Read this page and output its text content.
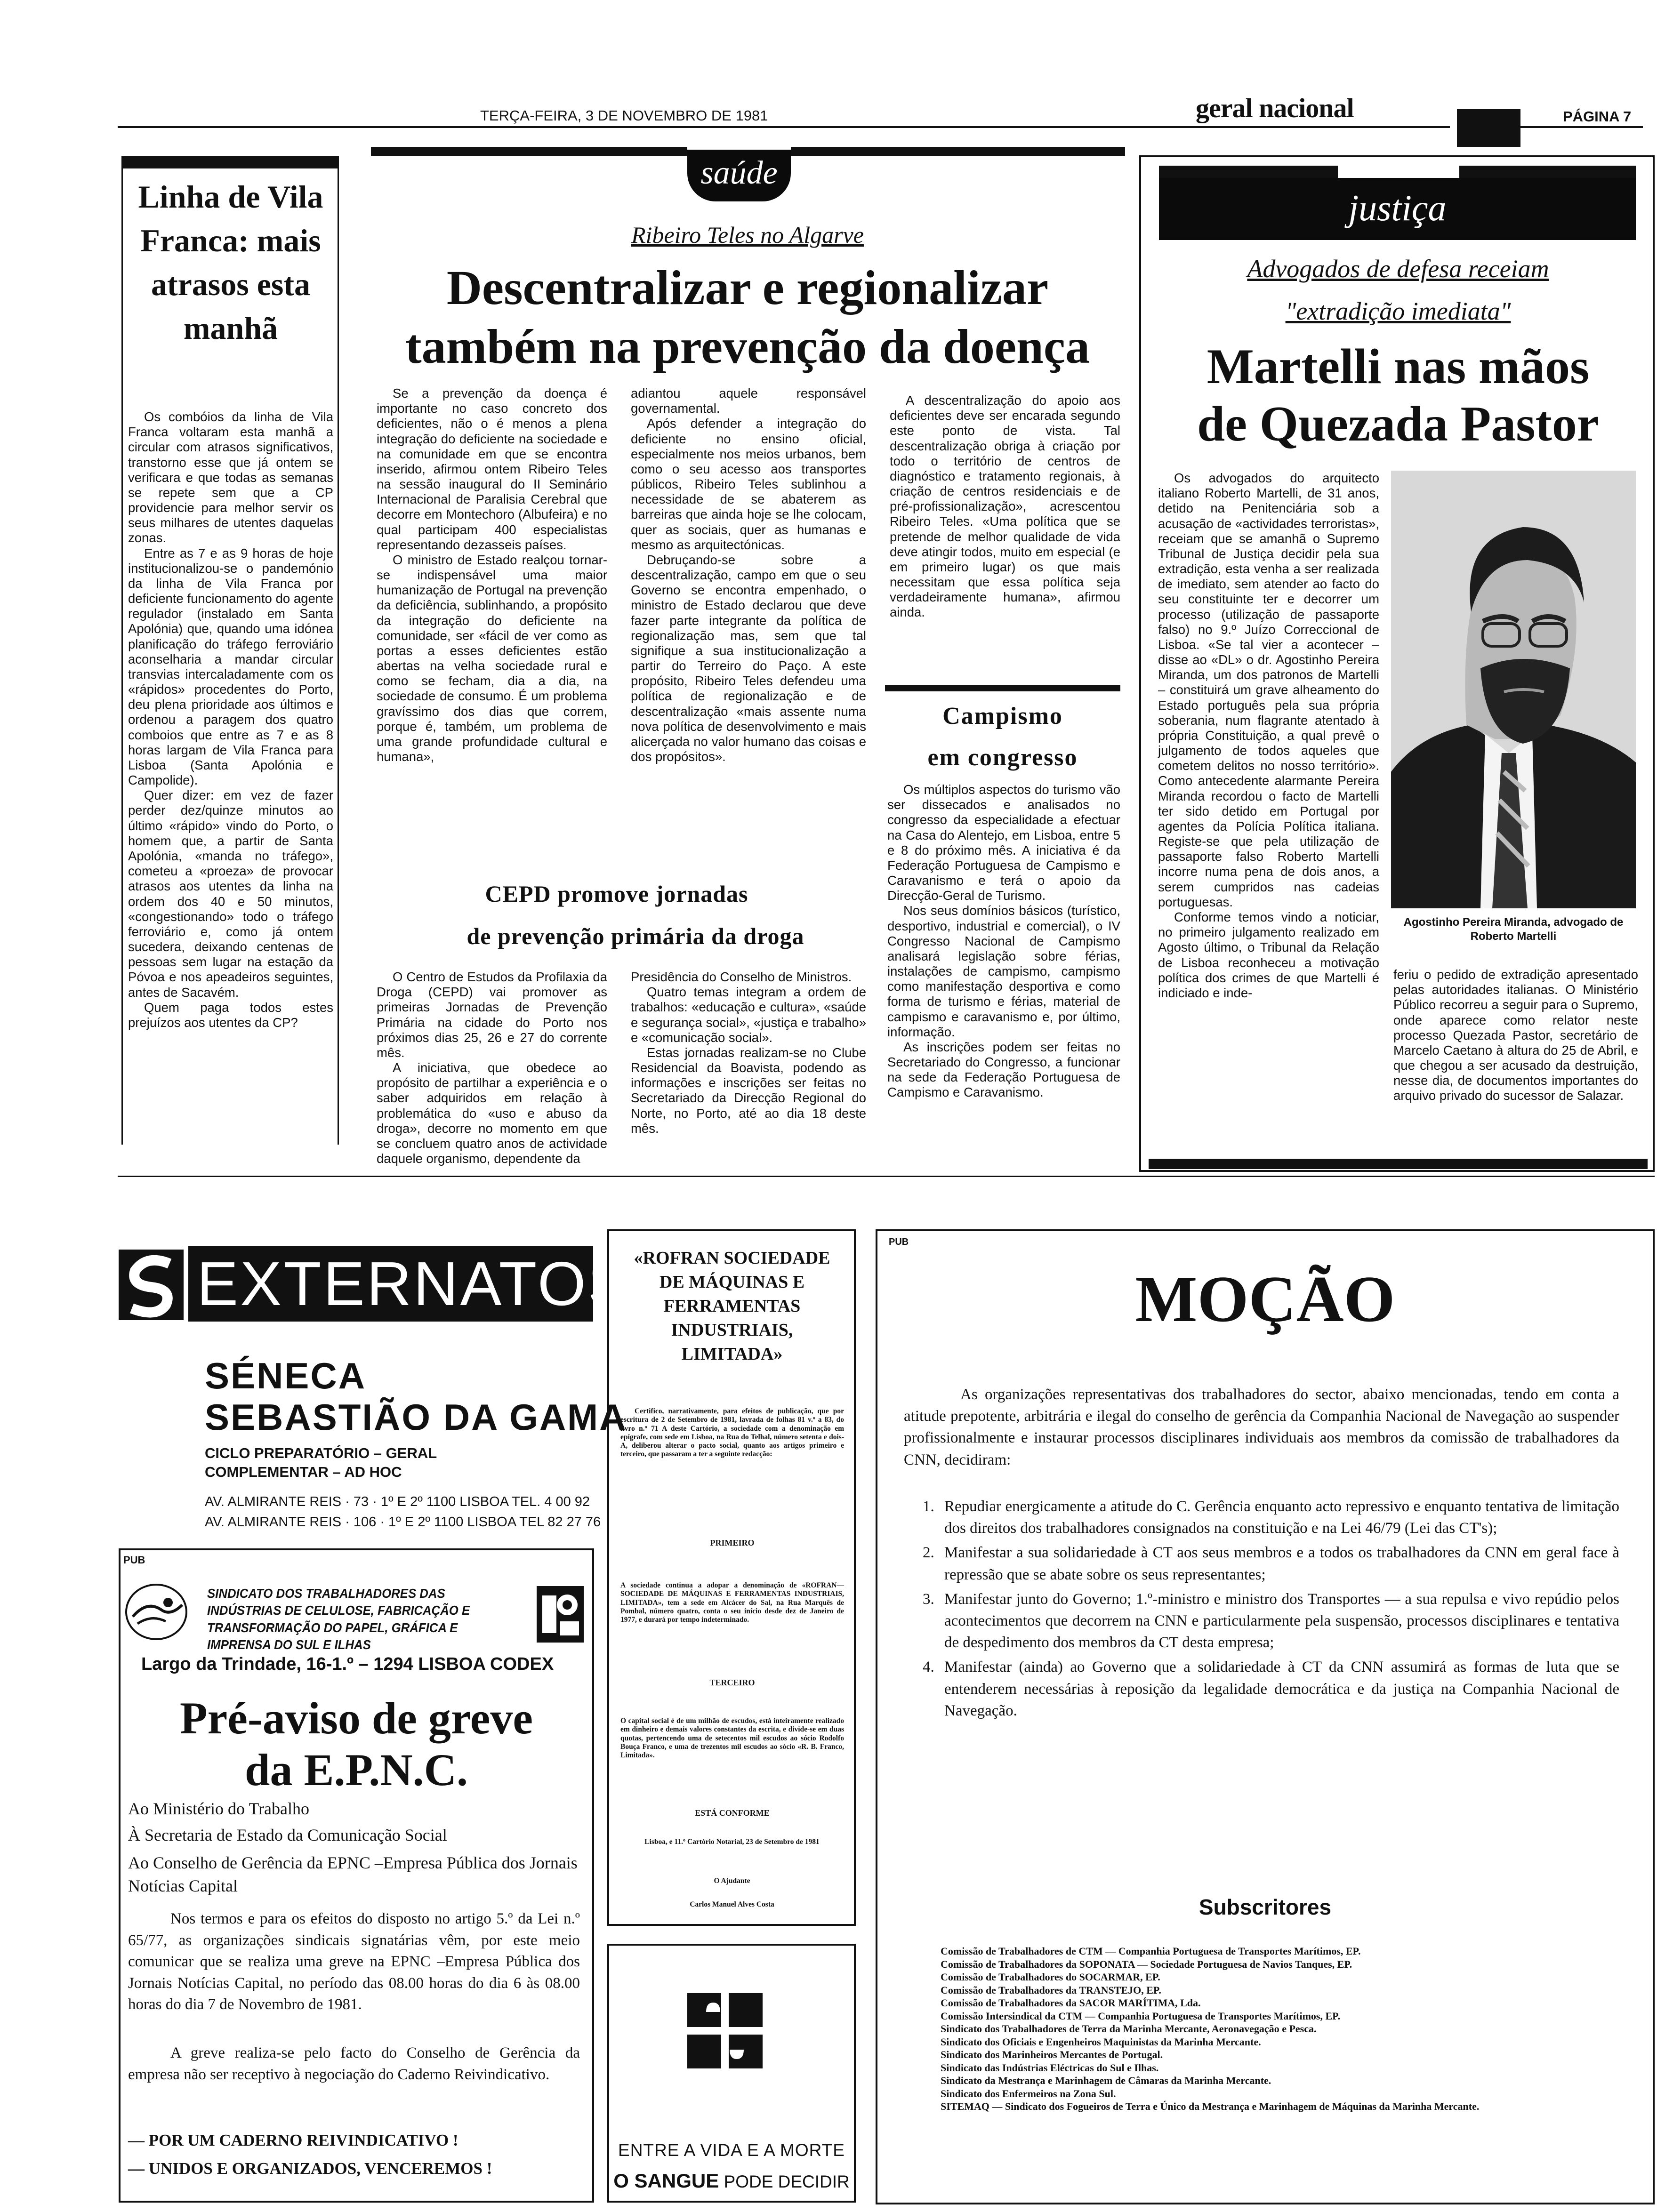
TERÇA-FEIRA, 3 DE NOVEMBRO DE 1981	geral nacional	PÁGINA 7
Linha de Vila Franca: mais atrasos esta manhã

Os combóios da linha de Vila Franca voltaram esta manhã a circular com atrasos significativos, transtorno esse que já ontem se verificara e que todas as semanas se repete sem que a CP providencie para melhor servir os seus milhares de utentes daquelas zonas.

Entre as 7 e as 9 horas de hoje institucionalizou-se o pandemónio da linha de Vila Franca por deficiente funcionamento do agente regulador (instalado em Santa Apolónia) que, quando uma idónea planificação do tráfego ferroviário aconselharia a mandar circular transvias intercaladamente com os «rápidos» procedentes do Porto, deu plena prioridade aos últimos e ordenou a paragem dos quatro comboios que entre as 7 e as 8 horas largam de Vila Franca para Lisboa (Santa Apolónia e Campolide).

Quer dizer: em vez de fazer perder dez/quinze minutos ao último «rápido» vindo do Porto, o homem que, a partir de Santa Apolónia, «manda no tráfego», cometeu a «proeza» de provocar atrasos aos utentes da linha na ordem dos 40 e 50 minutos, «congestionando» todo o tráfego ferroviário e, como já ontem sucedera, deixando centenas de pessoas sem lugar na estação da Póvoa e nos apeadeiros seguintes, antes de Sacavém.

Quem paga todos estes prejuízos aos utentes da CP?

saúde
Ribeiro Teles no Algarve
Descentralizar e regionalizar
também na prevenção da doença

Se a prevenção da doença é importante no caso concreto dos deficientes, não o é menos a plena integração do deficiente na sociedade e na comunidade em que se encontra inserido, afirmou ontem Ribeiro Teles na sessão inaugural do II Seminário Internacional de Paralisia Cerebral que decorre em Montechoro (Albufeira) e no qual participam 400 especialistas representando dezasseis países.

O ministro de Estado realçou tornar-se indispensável uma maior humanização de Portugal na prevenção da deficiência, sublinhando, a propósito da integração do deficiente na comunidade, ser «fácil de ver como as portas a esses deficientes estão abertas na velha sociedade rural e como se fecham, dia a dia, na sociedade de consumo. É um problema gravíssimo dos dias que correm, porque é, também, um problema de uma grande profundidade cultural e humana»,

adiantou aquele responsável governamental.

Após defender a integração do deficiente no ensino oficial, especialmente nos meios urbanos, bem como o seu acesso aos transportes públicos, Ribeiro Teles sublinhou a necessidade de se abaterem as barreiras que ainda hoje se lhe colocam, quer as sociais, quer as humanas e mesmo as arquitectónicas.

Debruçando-se sobre a descentralização, campo em que o seu Governo se encontra empenhado, o ministro de Estado declarou que deve fazer parte integrante da política de regionalização mas, sem que tal signifique a sua institucionalização a partir do Terreiro do Paço. A este propósito, Ribeiro Teles defendeu uma política de regionalização e de descentralização «mais assente numa nova política de desenvolvimento e mais alicerçada no valor humano das coisas e dos propósitos».

A descentralização do apoio aos deficientes deve ser encarada segundo este ponto de vista. Tal descentralização obriga à criação por todo o território de centros de diagnóstico e tratamento regionais, à criação de centros residenciais e de pré-profissionalização», acrescentou Ribeiro Teles. «Uma política que se pretende de melhor qualidade de vida deve atingir todos, muito em especial (e em primeiro lugar) os que mais necessitam que essa política seja verdadeiramente humana», afirmou ainda.

CEPD promove jornadas
de prevenção primária da droga

O Centro de Estudos da Profilaxia da Droga (CEPD) vai promover as primeiras Jornadas de Prevenção Primária na cidade do Porto nos próximos dias 25, 26 e 27 do corrente mês.

A iniciativa, que obedece ao propósito de partilhar a experiência e o saber adquiridos em relação à problemática do «uso e abuso da droga», decorre no momento em que se concluem quatro anos de actividade daquele organismo, dependente da

Presidência do Conselho de Ministros.

Quatro temas integram a ordem de trabalhos: «educação e cultura», «saúde e segurança social», «justiça e trabalho» e «comunicação social».

Estas jornadas realizam-se no Clube Residencial da Boavista, podendo as informações e inscrições ser feitas no Secretariado da Direcção Regional do Norte, no Porto, até ao dia 18 deste mês.

Campismo
em congresso

Os múltiplos aspectos do turismo vão ser dissecados e analisados no congresso da especialidade a efectuar na Casa do Alentejo, em Lisboa, entre 5 e 8 do próximo mês. A iniciativa é da Federação Portuguesa de Campismo e Caravanismo e terá o apoio da Direcção-Geral de Turismo.

Nos seus domínios básicos (turístico, desportivo, industrial e comercial), o IV Congresso Nacional de Campismo analisará legislação sobre férias, instalações de campismo, campismo como manifestação desportiva e como forma de turismo e férias, material de campismo e caravanismo e, por último, informação.

As inscrições podem ser feitas no Secretariado do Congresso, a funcionar na sede da Federação Portuguesa de Campismo e Caravanismo.

justiça
Advogados de defesa receiam
"extradição imediata"
Martelli nas mãos
de Quezada Pastor

Os advogados do arquitecto italiano Roberto Martelli, de 31 anos, detido na Penitenciária sob a acusação de «actividades terroristas», receiam que se amanhã o Supremo Tribunal de Justiça decidir pela sua extradição, esta venha a ser realizada de imediato, sem atender ao facto do seu constituinte ter e decorrer um processo (utilização de passaporte falso) no 9.º Juízo Correccional de Lisboa. «Se tal vier a acontecer – disse ao «DL» o dr. Agostinho Pereira Miranda, um dos patronos de Martelli – constituirá um grave alheamento do Estado português pela sua própria soberania, num flagrante atentado à própria Constituição, a qual prevê o julgamento de todos aqueles que cometem delitos no nosso território». Como antecedente alarmante Pereira Miranda recordou o facto de Martelli ter sido detido em Portugal por agentes da Polícia Política italiana. Registe-se que pela utilização de passaporte falso Roberto Martelli incorre numa pena de dois anos, a serem cumpridos nas cadeias portuguesas.

Conforme temos vindo a noticiar, no primeiro julgamento realizado em Agosto último, o Tribunal da Relação de Lisboa reconheceu a motivação política dos crimes de que Martelli é indiciado e inde-

Agostinho Pereira Miranda, advogado de Roberto Martelli

feriu o pedido de extradição apresentado pelas autoridades italianas. O Ministério Público recorreu a seguir para o Supremo, onde aparece como relator neste processo Quezada Pastor, secretário de Marcelo Caetano à altura do 25 de Abril, e que chegou a ser acusado da destruição, nesse dia, de documentos importantes do arquivo privado do sucessor de Salazar.

EXTERNATOS
SÉNECA
SEBASTIÃO DA GAMA
CICLO PREPARATÓRIO – GERAL
COMPLEMENTAR – AD HOC
AV. ALMIRANTE REIS · 73 · 1º E 2º 1100 LISBOA TEL. 4 00 92
AV. ALMIRANTE REIS · 106 · 1º E 2º 1100 LISBOA TEL 82 27 76
PUB
SINDICATO DOS TRABALHADORES DAS INDÚSTRIAS DE CELULOSE, FABRICAÇÃO E TRANSFORMAÇÃO DO PAPEL, GRÁFICA E IMPRENSA DO SUL E ILHAS
Largo da Trindade, 16-1.º – 1294 LISBOA CODEX
Pré-aviso de greve
da E.P.N.C.
Ao Ministério do Trabalho
À Secretaria de Estado da Comunicação Social
Ao Conselho de Gerência da EPNC –Empresa Pública dos Jornais Notícias Capital
Nos termos e para os efeitos do disposto no artigo 5.º da Lei n.º 65/77, as organizações sindicais signatárias vêm, por este meio comunicar que se realiza uma greve na EPNC –Empresa Pública dos Jornais Notícias Capital, no período das 08.00 horas do dia 6 às 08.00 horas do dia 7 de Novembro de 1981.
A greve realiza-se pelo facto do Conselho de Gerência da empresa não ser receptivo à negociação do Caderno Reivindicativo.
— POR UM CADERNO REIVINDICATIVO !
— UNIDOS E ORGANIZADOS, VENCEREMOS !
«ROFRAN SOCIEDADE DE MÁQUINAS E FERRAMENTAS INDUSTRIAIS, LIMITADA»
Certifico, narrativamente, para efeitos de publicação, que por escritura de 2 de Setembro de 1981, lavrada de folhas 81 v.º a 83, do livro n.º 71 A deste Cartório, a sociedade com a denominação em epígrafe, com sede em Lisboa, na Rua do Telhal, número setenta e dois-A, deliberou alterar o pacto social, quanto aos artigos primeiro e terceiro, que passaram a ter a seguinte redacção:
PRIMEIRO
A sociedade continua a adopar a denominação de «ROFRAN—SOCIEDADE DE MÁQUINAS E FERRAMENTAS INDUSTRIAIS, LIMITADA», tem a sede em Alcácer do Sal, na Rua Marquês de Pombal, número quatro, conta o seu início desde dez de Janeiro de 1977, e durará por tempo indeterminado.
TERCEIRO
O capital social é de um milhão de escudos, está inteiramente realizado em dinheiro e demais valores constantes da escrita, e divide-se em duas quotas, pertencendo uma de setecentos mil escudos ao sócio Rodolfo Bouça Franco, e uma de trezentos mil escudos ao sócio «R. B. Franco, Limitada».
ESTÁ CONFORME
Lisboa, e 11.º Cartório Notarial, 23 de Setembro de 1981
O Ajudante
Carlos Manuel Alves Costa
ENTRE A VIDA E A MORTE
O SANGUE PODE DECIDIR
PUB
MOÇÃO
As organizações representativas dos trabalhadores do sector, abaixo mencionadas, tendo em conta a atitude prepotente, arbitrária e ilegal do conselho de gerência da Companhia Nacional de Navegação ao suspender profissionalmente e instaurar processos disciplinares individuais aos membros da comissão de trabalhadores da CNN, decidiram:
1. Repudiar energicamente a atitude do C. Gerência enquanto acto repressivo e enquanto tentativa de limitação dos direitos dos trabalhadores consignados na constituição e na Lei 46/79 (Lei das CT's);
2. Manifestar a sua solidariedade à CT aos seus membros e a todos os trabalhadores da CNN em geral face à repressão que se abate sobre os seus representantes;
3. Manifestar junto do Governo; 1.º-ministro e ministro dos Transportes — a sua repulsa e vivo repúdio pelos acontecimentos que decorrem na CNN e particularmente pela suspensão, processos disciplinares e tentativa de despedimento dos membros da CT desta empresa;
4. Manifestar (ainda) ao Governo que a solidariedade à CT da CNN assumirá as formas de luta que se entenderem necessárias à reposição da legalidade democrática e da justiça na Companhia Nacional de Navegação.
Subscritores
Comissão de Trabalhadores de CTM — Companhia Portuguesa de Transportes Marítimos, EP.
Comissão de Trabalhadores da SOPONATA — Sociedade Portuguesa de Navios Tanques, EP.
Comissão de Trabalhadores do SOCARMAR, EP.
Comissão de Trabalhadores da TRANSTEJO, EP.
Comissão de Trabalhadores da SACOR MARÍTIMA, Lda.
Comissão Intersindical da CTM — Companhia Portuguesa de Transportes Marítimos, EP.
Sindicato dos Trabalhadores de Terra da Marinha Mercante, Aeronavegação e Pesca.
Sindicato dos Oficiais e Engenheiros Maquinistas da Marinha Mercante.
Sindicato dos Marinheiros Mercantes de Portugal.
Sindicato das Indústrias Eléctricas do Sul e Ilhas.
Sindicato da Mestrança e Marinhagem de Câmaras da Marinha Mercante.
Sindicato dos Enfermeiros na Zona Sul.
SITEMAQ — Sindicato dos Fogueiros de Terra e Único da Mestrança e Marinhagem de Máquinas da Marinha Mercante.
